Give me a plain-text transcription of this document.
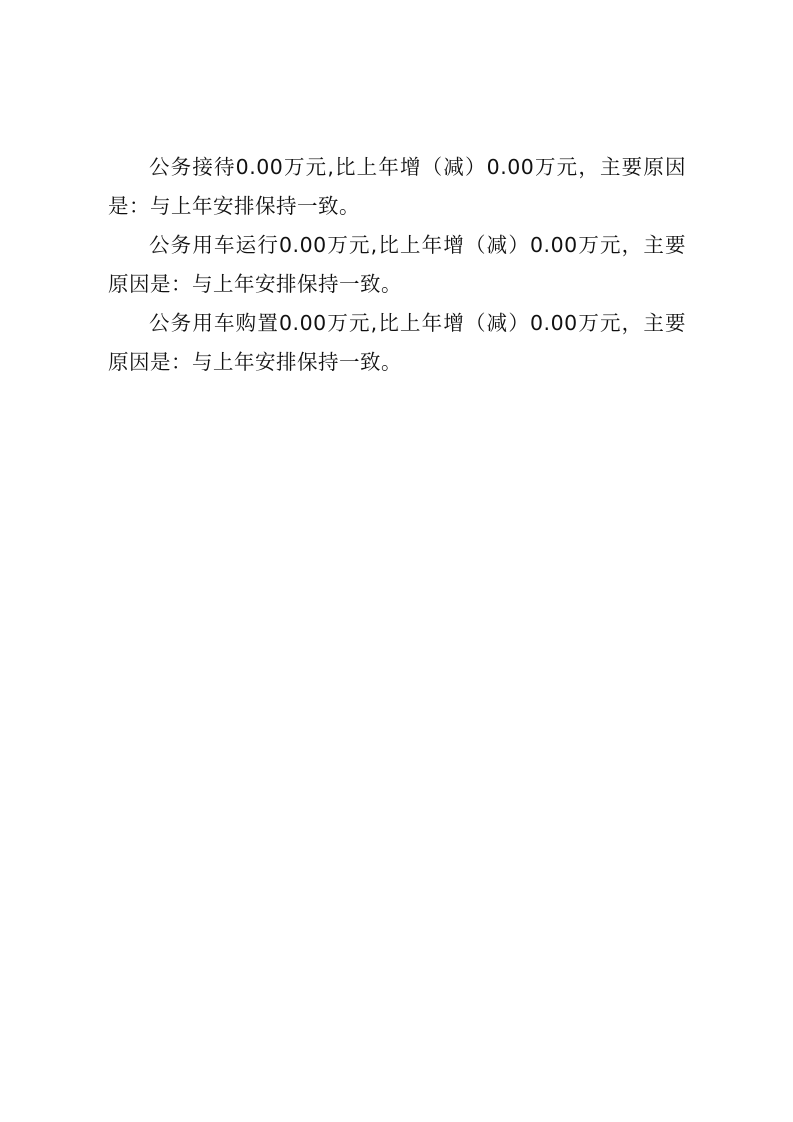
公务接待0.00万元,比上年增（减）0.00万元，主要原因是：与上年安排保持一致。

公务用车运行0.00万元,比上年增（减）0.00万元，主要原因是：与上年安排保持一致。

公务用车购置0.00万元,比上年增（减）0.00万元，主要原因是：与上年安排保持一致。
